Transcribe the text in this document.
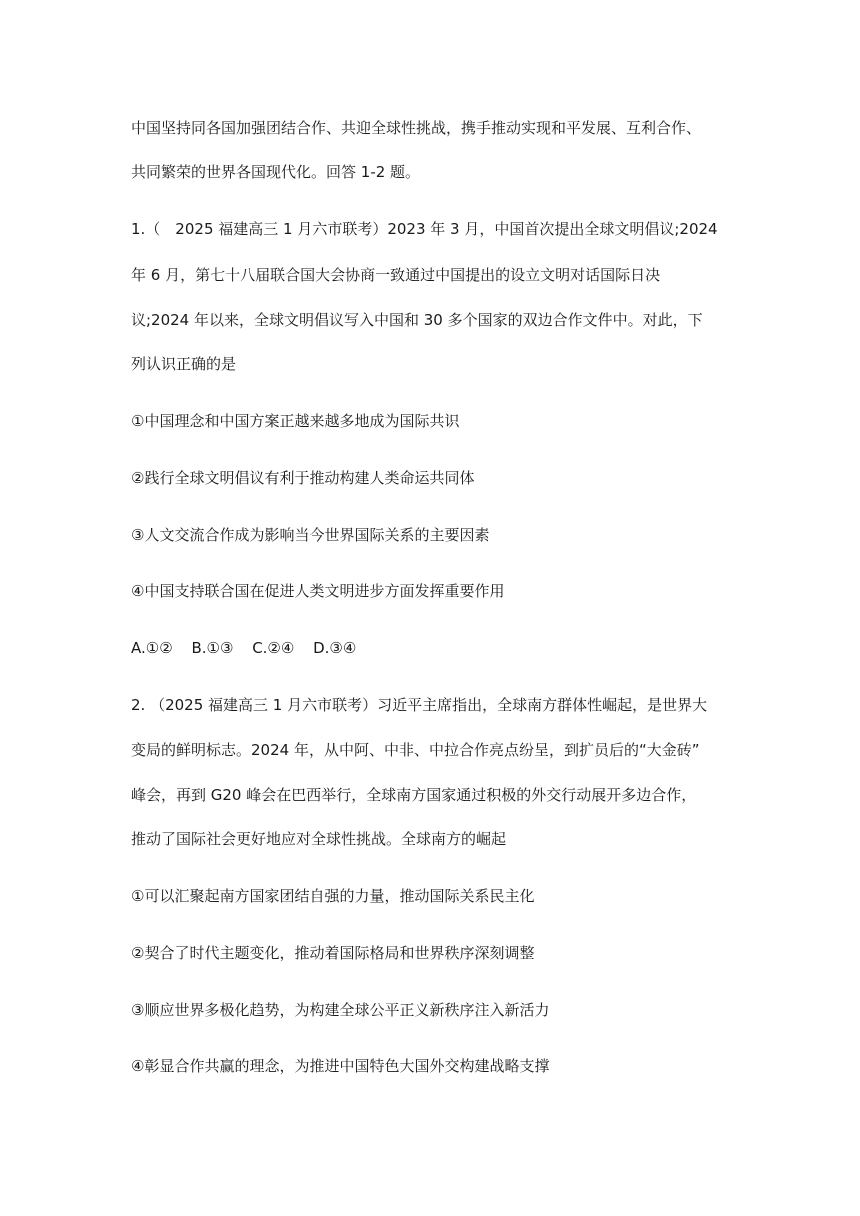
中国坚持同各国加强团结合作、共迎全球性挑战，携手推动实现和平发展、互利合作、
共同繁荣的世界各国现代化。回答 1-2 题。
1.（　2025 福建高三 1 月六市联考）2023 年 3 月，中国首次提出全球文明倡议;2024
年 6 月，第七十八届联合国大会协商一致通过中国提出的设立文明对话国际日决
议;2024 年以来，全球文明倡议写入中国和 30 多个国家的双边合作文件中。对此，下
列认识正确的是
①中国理念和中国方案正越来越多地成为国际共识
②践行全球文明倡议有利于推动构建人类命运共同体
③人文交流合作成为影响当今世界国际关系的主要因素
④中国支持联合国在促进人类文明进步方面发挥重要作用
A.①② B.①③ C.②④ D.③④
2. （2025 福建高三 1 月六市联考）习近平主席指出，全球南方群体性崛起，是世界大
变局的鲜明标志。2024 年，从中阿、中非、中拉合作亮点纷呈，到扩员后的“大金砖”
峰会，再到 G20 峰会在巴西举行，全球南方国家通过积极的外交行动展开多边合作，
推动了国际社会更好地应对全球性挑战。全球南方的崛起
①可以汇聚起南方国家团结自强的力量，推动国际关系民主化
②契合了时代主题变化，推动着国际格局和世界秩序深刻调整
③顺应世界多极化趋势，为构建全球公平正义新秩序注入新活力
④彰显合作共赢的理念，为推进中国特色大国外交构建战略支撑
